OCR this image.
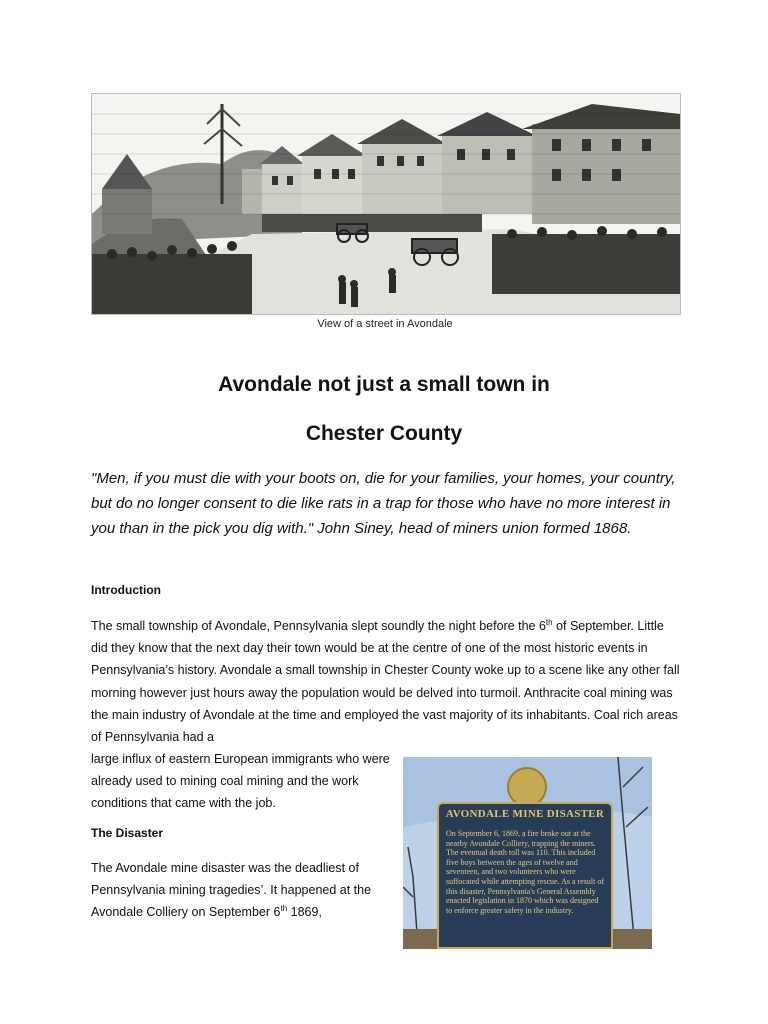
View of a street in Avondale
Avondale not just a small town in
Chester County
"Men, if you must die with your boots on, die for your families, your homes, your country, but do no longer consent to die like rats in a trap for those who have no more interest in you than in the pick you dig with." John Siney, head of miners union formed 1868.
Introduction
The small township of Avondale, Pennsylvania slept soundly the night before the 6th of September. Little did they know that the next day their town would be at the centre of one of the most historic events in Pennsylvania’s history. Avondale a small township in Chester County woke up to a scene like any other fall morning however just hours away the population would be delved into turmoil. Anthracite coal mining was the main industry of Avondale at the time and employed the vast majority of its inhabitants. Coal rich areas of Pennsylvania had a
large influx of eastern European immigrants who were already used to mining coal mining and the work conditions that came with the job.
The Disaster
The Avondale mine disaster was the deadliest of Pennsylvania mining tragedies’. It happened at the Avondale Colliery on September 6th 1869,
AVONDALE MINE DISASTER
On September 6, 1869, a fire broke out at the nearby Avondale Colliery, trapping the miners. The eventual death toll was 110. This included five boys between the ages of twelve and seventeen, and two volunteers who were suffocated while attempting rescue. As a result of this disaster, Pennsylvania's General Assembly enacted legislation in 1870 which was designed to enforce greater safety in the industry.
